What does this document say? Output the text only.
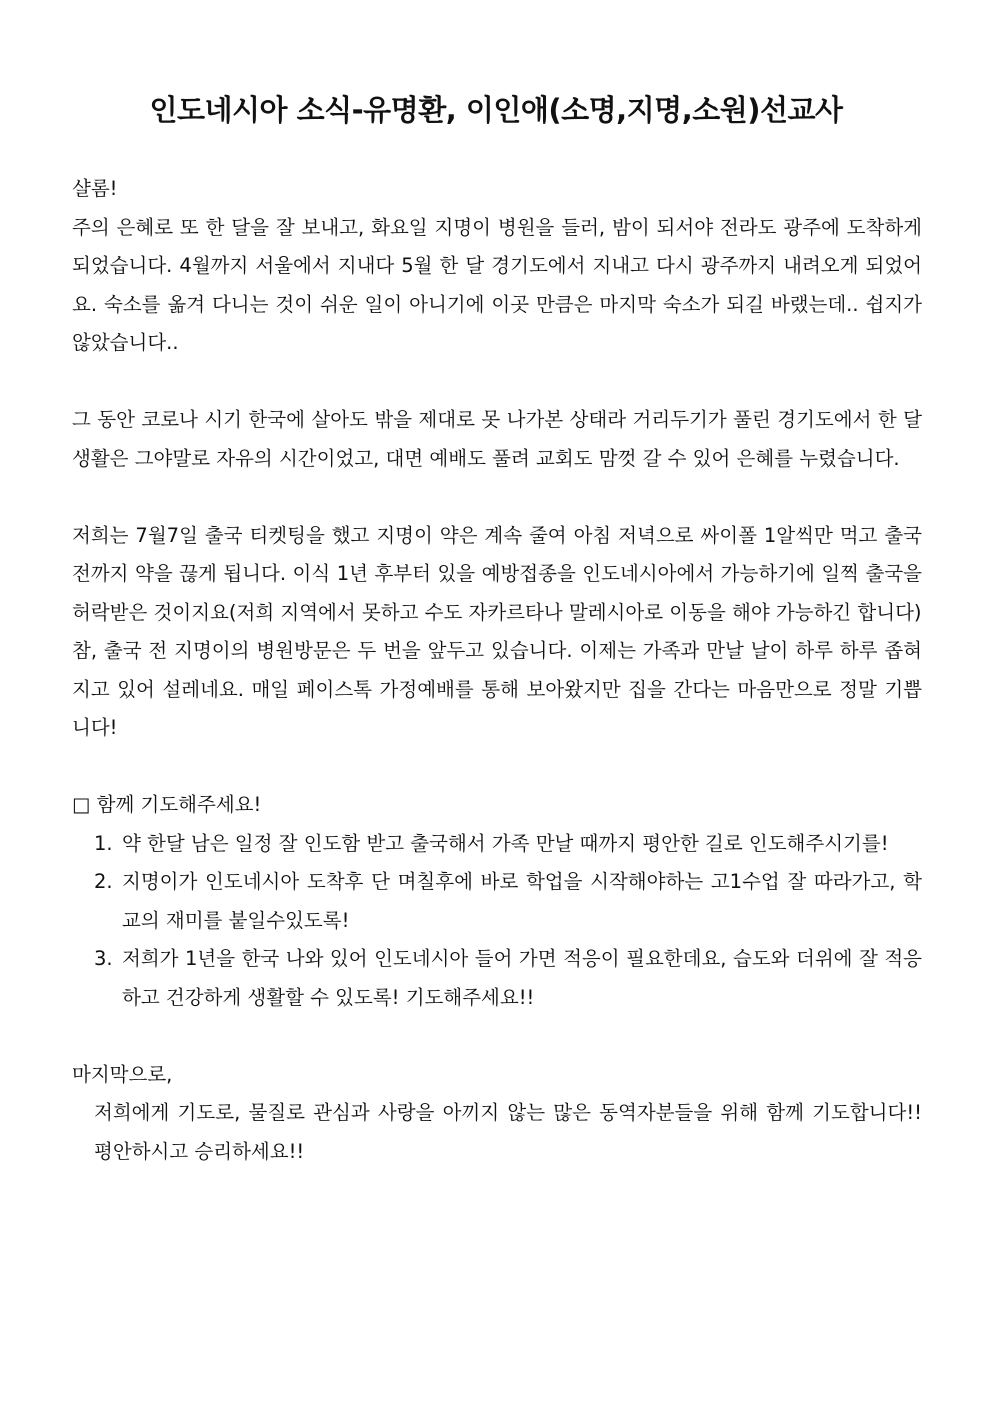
인도네시아 소식-유명환, 이인애(소명,지명,소원)선교사

샬롬!

주의 은혜로 또 한 달을 잘 보내고, 화요일 지명이 병원을 들러, 밤이 되서야 전라도 광주에 도착하게 되었습니다. 4월까지 서울에서 지내다 5월 한 달 경기도에서 지내고 다시 광주까지 내려오게 되었어요. 숙소를 옮겨 다니는 것이 쉬운 일이 아니기에 이곳 만큼은 마지막 숙소가 되길 바랬는데.. 쉽지가 않았습니다..

그 동안 코로나 시기 한국에 살아도 밖을 제대로 못 나가본 상태라 거리두기가 풀린 경기도에서 한 달 생활은 그야말로 자유의 시간이었고, 대면 예배도 풀려 교회도 맘껏 갈 수 있어 은혜를 누렸습니다.

저희는 7월7일 출국 티켓팅을 했고 지명이 약은 계속 줄여 아침 저녁으로 싸이폴 1알씩만 먹고 출국 전까지 약을 끊게 됩니다. 이식 1년 후부터 있을 예방접종을 인도네시아에서 가능하기에 일찍 출국을 허락받은 것이지요(저희 지역에서 못하고 수도 자카르타나 말레시아로 이동을 해야 가능하긴 합니다)

참, 출국 전 지명이의 병원방문은 두 번을 앞두고 있습니다. 이제는 가족과 만날 날이 하루 하루 좁혀지고 있어 설레네요. 매일 페이스톡 가정예배를 통해 보아왔지만 집을 간다는 마음만으로 정말 기쁩니다!

□ 함께 기도해주세요!

1. 약 한달 남은 일정 잘 인도함 받고 출국해서 가족 만날 때까지 평안한 길로 인도해주시기를!
2. 지명이가 인도네시아 도착후 단 며칠후에 바로 학업을 시작해야하는 고1수업 잘 따라가고, 학교의 재미를 붙일수있도록!
3. 저희가 1년을 한국 나와 있어 인도네시아 들어 가면 적응이 필요한데요, 습도와 더위에 잘 적응하고 건강하게 생활할 수 있도록! 기도해주세요!!

마지막으로,

저희에게 기도로, 물질로 관심과 사랑을 아끼지 않는 많은 동역자분들을 위해 함께 기도합니다!! 평안하시고 승리하세요!!
